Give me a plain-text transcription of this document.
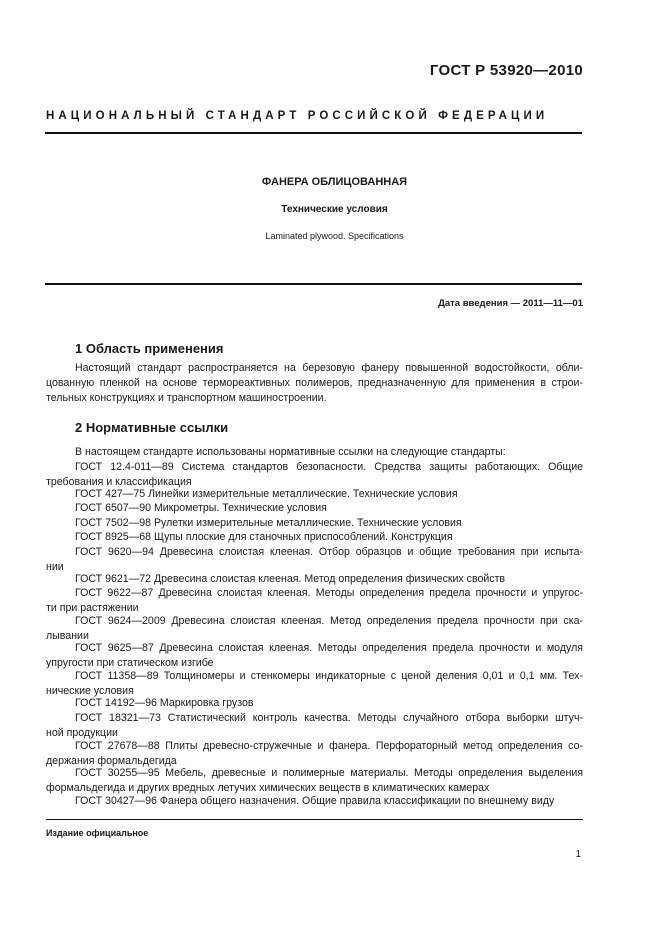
ГОСТ Р 53920—2010
НАЦИОНАЛЬНЫЙ СТАНДАРТ РОССИЙСКОЙ ФЕДЕРАЦИИ
ФАНЕРА ОБЛИЦОВАННАЯ
Технические условия
Laminated plywood. Specifications
Дата введения — 2011—11—01
1 Область применения
Настоящий стандарт распространяется на березовую фанеру повышенной водостойкости, обли-
цованную пленкой на основе термореактивных полимеров, предназначенную для применения в строи-
тельных конструкциях и транспортном машиностроении.
2 Нормативные ссылки
В настоящем стандарте использованы нормативные ссылки на следующие стандарты:
ГОСТ 12.4-011—89 Система стандартов безопасности. Средства защиты работающих. Общие
требования и классификация
ГОСТ 427—75 Линейки измерительные металлические. Технические условия
ГОСТ 6507—90 Микрометры. Технические условия
ГОСТ 7502—98 Рулетки измерительные металлические. Технические условия
ГОСТ 8925—68 Щупы плоские для станочных приспособлений. Конструкция
ГОСТ 9620—94 Древесина слоистая клееная. Отбор образцов и общие требования при испыта-
нии
ГОСТ 9621—72 Древесина слоистая клееная. Метод определения физических свойств
ГОСТ 9622—87 Древесина слоистая клееная. Методы определения предела прочности и упругос-
ти при растяжении
ГОСТ 9624—2009 Древесина слоистая клееная. Метод определения предела прочности при ска-
лывании
ГОСТ 9625—87 Древесина слоистая клееная. Методы определения предела прочности и модуля
упругости при статическом изгибе
ГОСТ 11358—89 Толщиномеры и стенкомеры индикаторные с ценой деления 0,01 и 0,1 мм. Тех-
нические условия
ГОСТ 14192—96 Маркировка грузов
ГОСТ 18321—73 Статистический контроль качества. Методы случайного отбора выборки штуч-
ной продукции
ГОСТ 27678—88 Плиты древесно-стружечные и фанера. Перфораторный метод определения со-
держания формальдегида
ГОСТ 30255—95 Мебель, древесные и полимерные материалы. Методы определения выделения
формальдегида и других вредных летучих химических веществ в климатических камерах
ГОСТ 30427—96 Фанера общего назначения. Общие правила классификации по внешнему виду
Издание официальное
1
